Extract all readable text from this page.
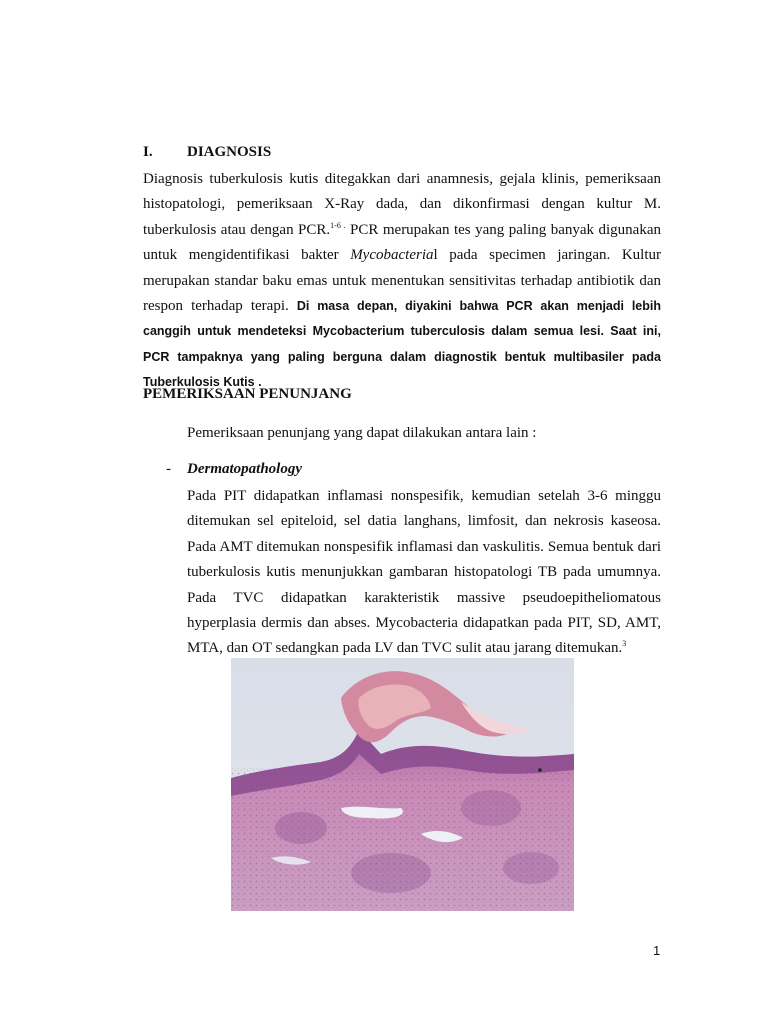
I. DIAGNOSIS
Diagnosis tuberkulosis kutis ditegakkan dari anamnesis, gejala klinis, pemeriksaan histopatologi, pemeriksaan X-Ray dada, dan dikonfirmasi dengan kultur M. tuberkulosis atau dengan PCR.$^{1-6 .}$ PCR merupakan tes yang paling banyak digunakan untuk mengidentifikasi bakter Mycobacterial pada specimen jaringan. Kultur merupakan standar baku emas untuk menentukan sensitivitas terhadap antibiotik dan respon terhadap terapi. Di masa depan, diyakini bahwa PCR akan menjadi lebih canggih untuk mendeteksi Mycobacterium tuberculosis dalam semua lesi. Saat ini, PCR tampaknya yang paling berguna dalam diagnostik bentuk multibasiler pada Tuberkulosis Kutis .
PEMERIKSAAN PENUNJANG
Pemeriksaan penunjang yang dapat dilakukan antara lain :
- Dermatopathology
Pada PIT didapatkan inflamasi nonspesifik, kemudian setelah 3-6 minggu ditemukan sel epiteloid, sel datia langhans, limfosit, dan nekrosis kaseosa. Pada AMT ditemukan nonspesifik inflamasi dan vaskulitis. Semua bentuk dari tuberkulosis kutis menunjukkan gambaran histopatologi TB pada umumnya. Pada TVC didapatkan karakteristik massive pseudoepitheliomatous hyperplasia dermis dan abses. Mycobacteria didapatkan pada PIT, SD, AMT, MTA, dan OT sedangkan pada LV dan TVC sulit atau jarang ditemukan.$^3$
1
